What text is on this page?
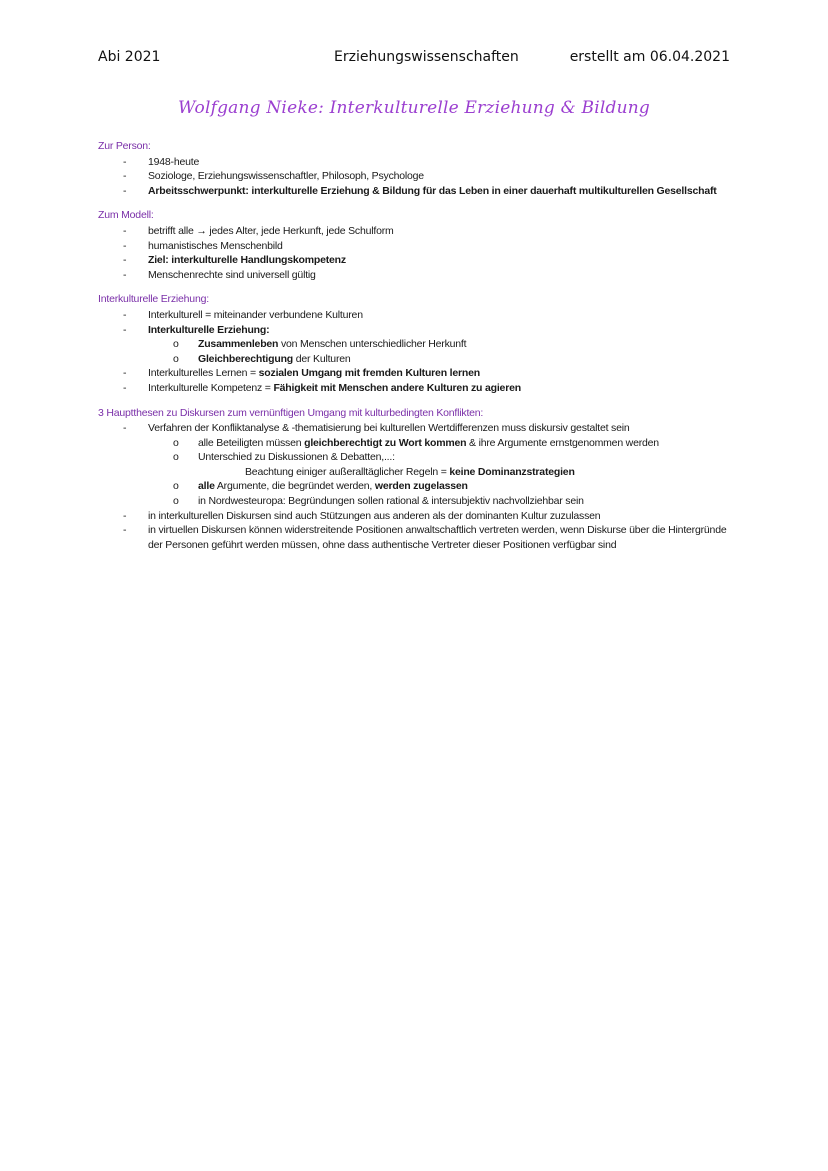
Abi 2021	Erziehungswissenschaften	erstellt am 06.04.2021
Wolfgang Nieke: Interkulturelle Erziehung & Bildung
Zur Person:
- 1948-heute
- Soziologe, Erziehungswissenschaftler, Philosoph, Psychologe
- Arbeitsschwerpunkt: interkulturelle Erziehung & Bildung für das Leben in einer dauerhaft multikulturellen Gesellschaft
Zum Modell:
- betrifft alle → jedes Alter, jede Herkunft, jede Schulform
- humanistisches Menschenbild
- Ziel: interkulturelle Handlungskompetenz
- Menschenrechte sind universell gültig
Interkulturelle Erziehung:
- Interkulturell = miteinander verbundene Kulturen
- Interkulturelle Erziehung:
o Zusammenleben von Menschen unterschiedlicher Herkunft
o Gleichberechtigung der Kulturen
- Interkulturelles Lernen = sozialen Umgang mit fremden Kulturen lernen
- Interkulturelle Kompetenz = Fähigkeit mit Menschen andere Kulturen zu agieren
3 Hauptthesen zu Diskursen zum vernünftigen Umgang mit kulturbedingten Konflikten:
- Verfahren der Konfliktanalyse & -thematisierung bei kulturellen Wertdifferenzen muss diskursiv gestaltet sein
o alle Beteiligten müssen gleichberechtigt zu Wort kommen & ihre Argumente ernstgenommen werden
o Unterschied zu Diskussionen & Debatten,...:
Beachtung einiger außeralltäglicher Regeln = keine Dominanzstrategien
o alle Argumente, die begründet werden, werden zugelassen
o in Nordwesteuropa: Begründungen sollen rational & intersubjektiv nachvollziehbar sein
- in interkulturellen Diskursen sind auch Stützungen aus anderen als der dominanten Kultur zuzulassen
- in virtuellen Diskursen können widerstreitende Positionen anwaltschaftlich vertreten werden, wenn Diskurse über die Hintergründe der Personen geführt werden müssen, ohne dass authentische Vertreter dieser Positionen verfügbar sind
